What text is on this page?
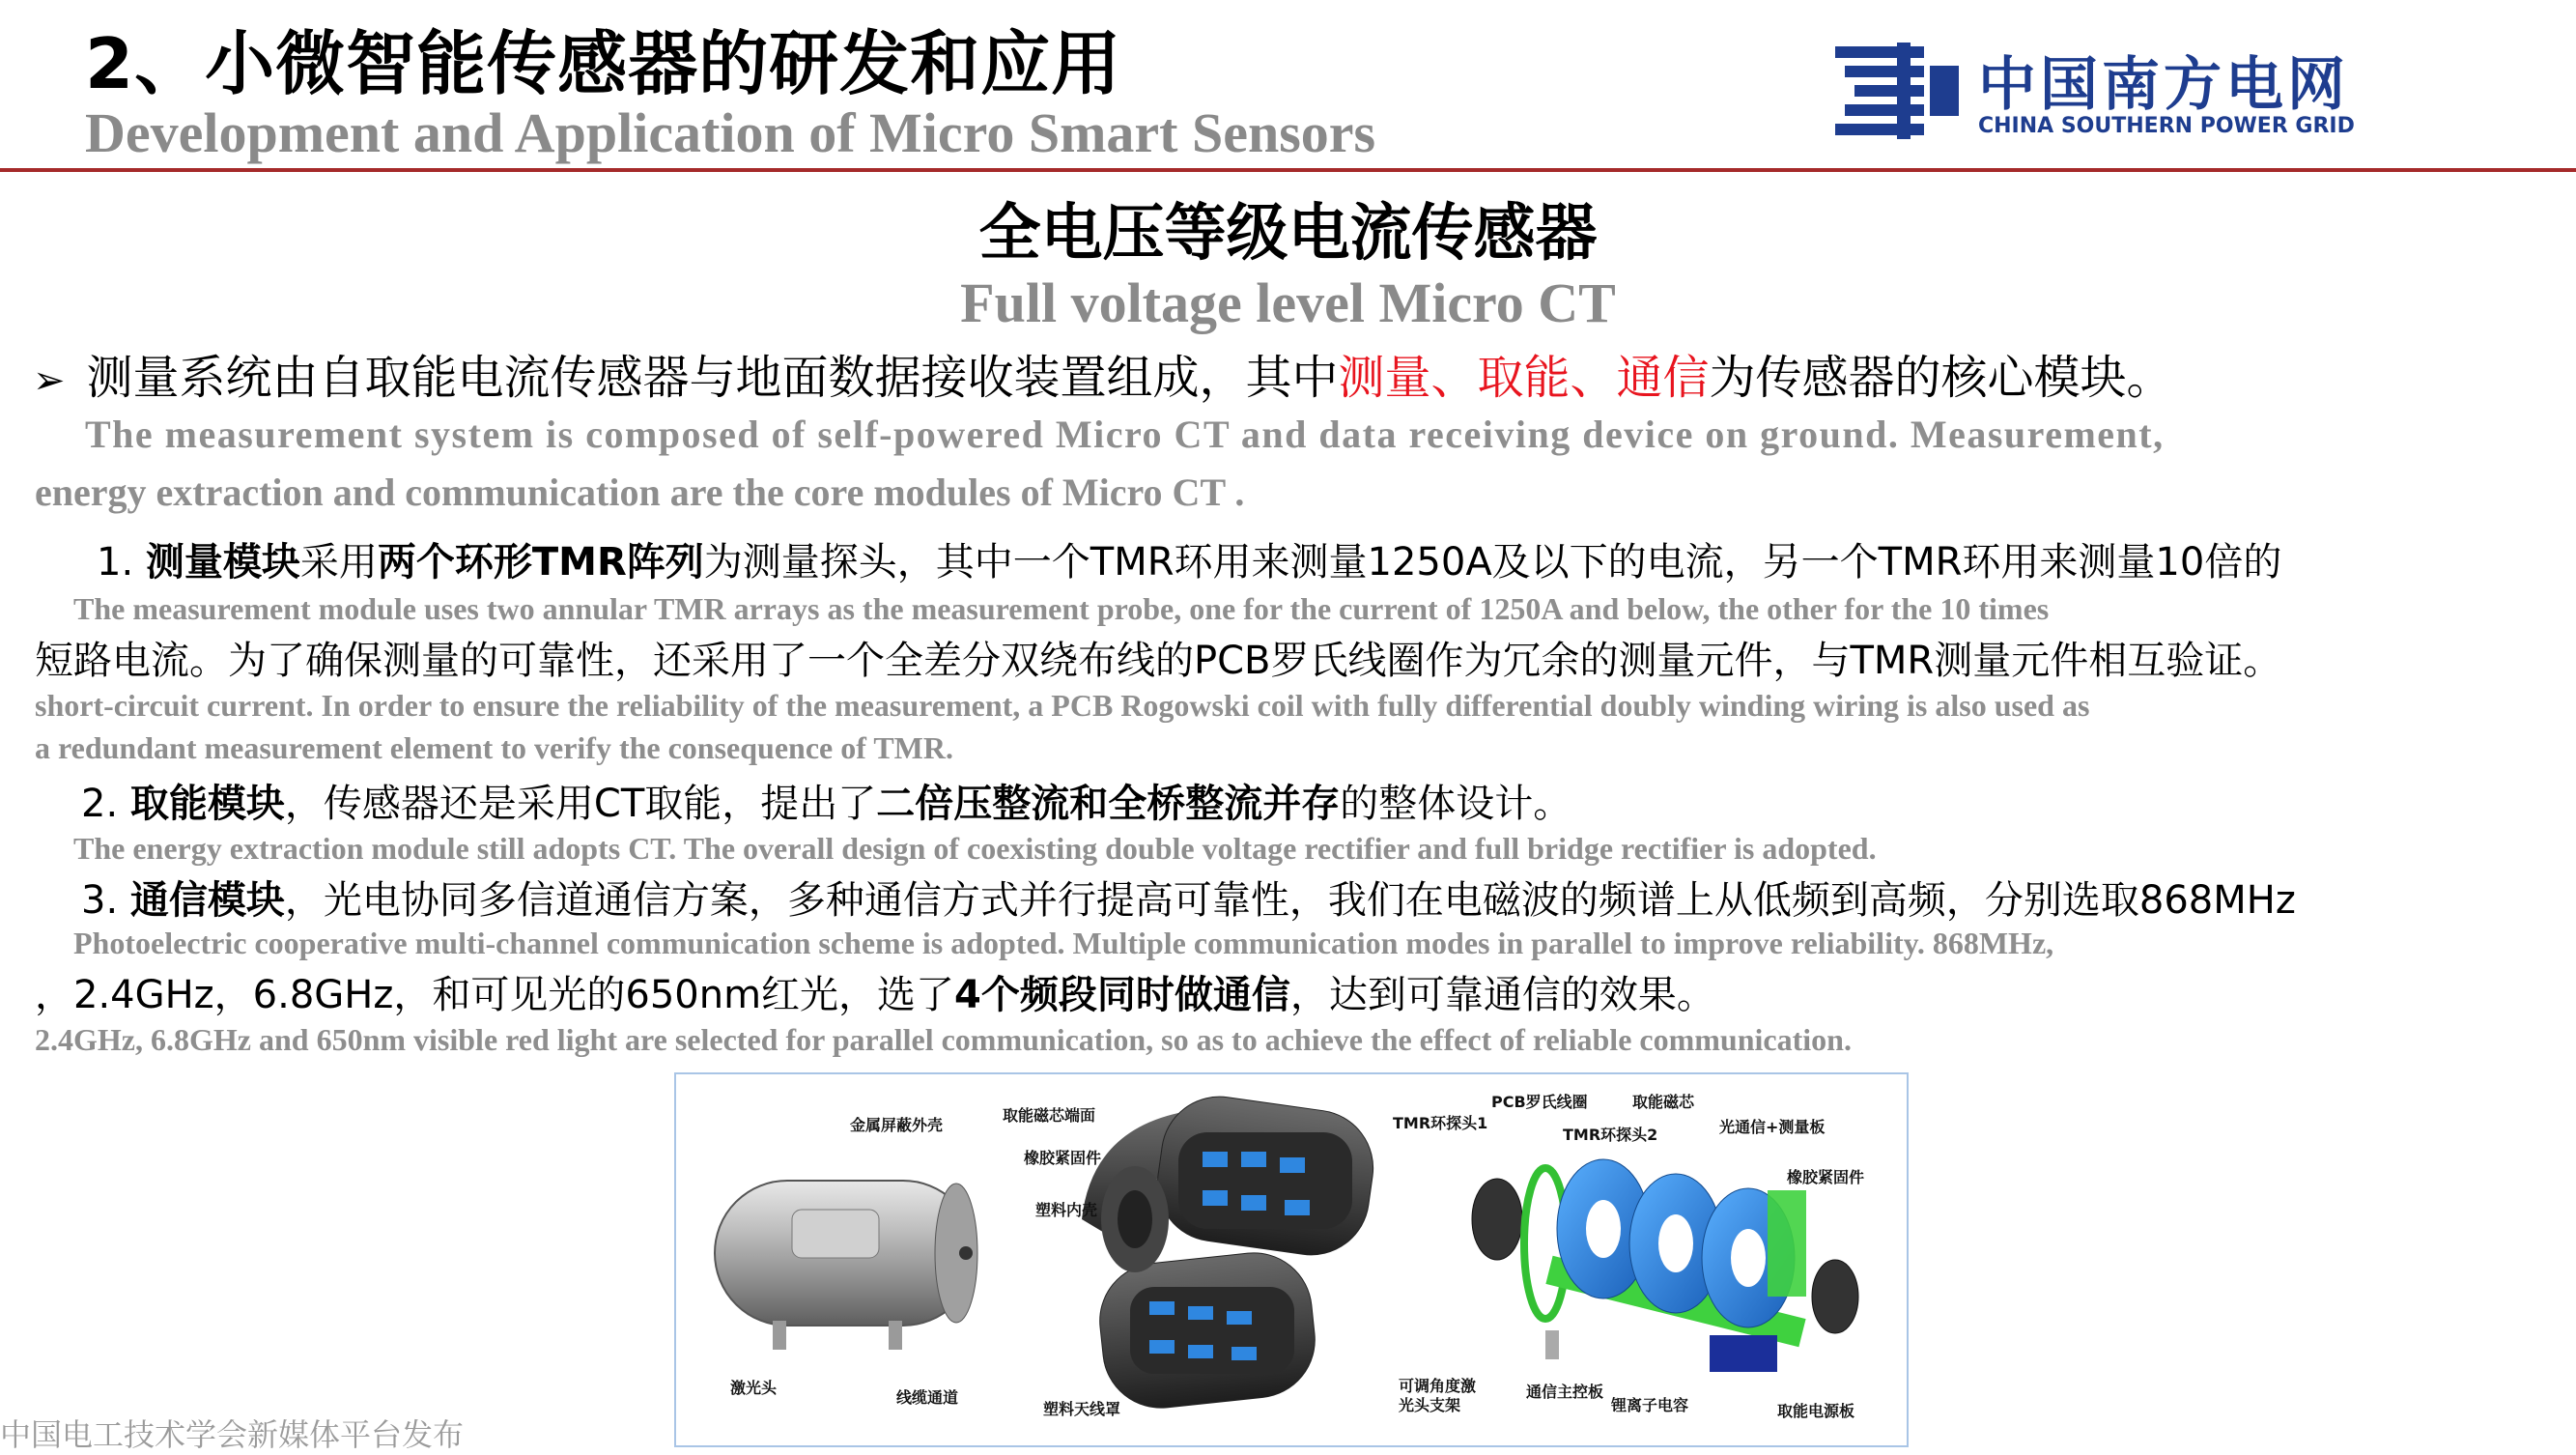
2、小微智能传感器的研发和应用
Development and Application of Micro Smart Sensors
中国南方电网
CHINA SOUTHERN POWER GRID
全电压等级电流传感器
Full voltage level Micro CT
➢ 测量系统由自取能电流传感器与地面数据接收装置组成，其中测量、取能、通信为传感器的核心模块。
The measurement system is composed of self-powered Micro CT and data receiving device on ground. Measurement,
energy extraction and communication are the core modules of Micro CT .
1. 测量模块采用两个环形TMR阵列为测量探头，其中一个TMR环用来测量1250A及以下的电流，另一个TMR环用来测量10倍的
The measurement module uses two annular TMR arrays as the measurement probe, one for the current of 1250A and below, the other for the 10 times
短路电流。为了确保测量的可靠性，还采用了一个全差分双绕布线的PCB罗氏线圈作为冗余的测量元件，与TMR测量元件相互验证。
short-circuit current. In order to ensure the reliability of the measurement, a PCB Rogowski coil with fully differential doubly winding wiring is also used as
a redundant measurement element to verify the consequence of TMR.
2. 取能模块，传感器还是采用CT取能，提出了二倍压整流和全桥整流并存的整体设计。
The energy extraction module still adopts CT. The overall design of coexisting double voltage rectifier and full bridge rectifier is adopted.
3. 通信模块，光电协同多信道通信方案，多种通信方式并行提高可靠性，我们在电磁波的频谱上从低频到高频，分别选取868MHz
Photoelectric cooperative multi-channel communication scheme is adopted. Multiple communication modes in parallel to improve reliability. 868MHz,
，2.4GHz，6.8GHz，和可见光的650nm红光，选了4个频段同时做通信，达到可靠通信的效果。
2.4GHz, 6.8GHz and 650nm visible red light are selected for parallel communication, so as to achieve the effect of reliable communication.
金属屏蔽外壳
激光头
线缆通道
取能磁芯端面
橡胶紧固件
塑料内壳
塑料天线罩
PCB罗氏线圈
TMR环探头1
TMR环探头2
取能磁芯
光通信+测量板
橡胶紧固件
可调角度激
光头支架
通信主控板
锂离子电容	取能电源板
中国电工技术学会新媒体平台发布
